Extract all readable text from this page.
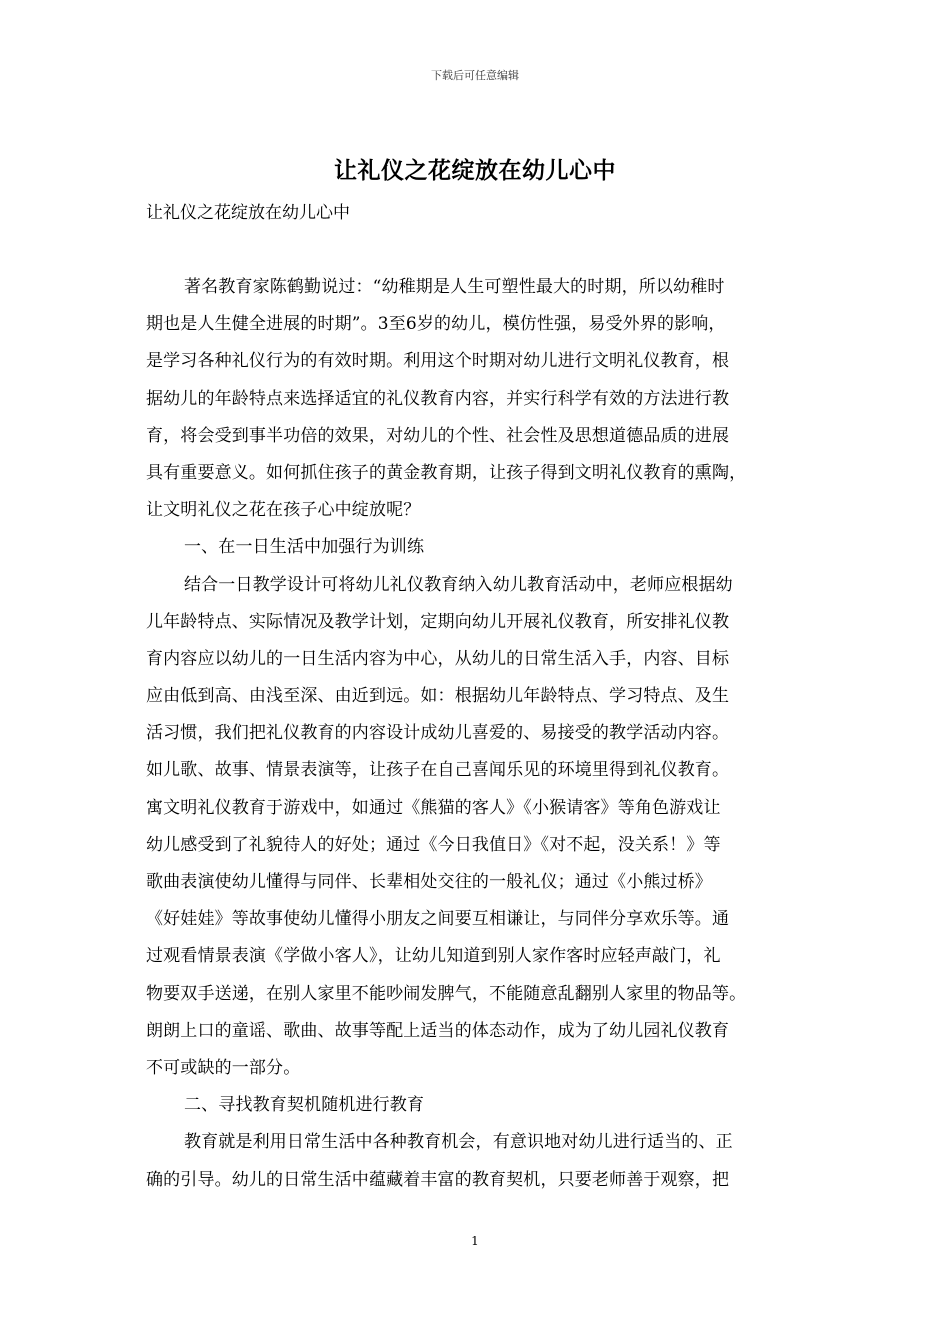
下载后可任意编辑
让礼仪之花绽放在幼儿心中
让礼仪之花绽放在幼儿心中
著名教育家陈鹤勤说过：“幼稚期是人生可塑性最大的时期，所以幼稚时
期也是人生健全进展的时期”。3至6岁的幼儿，模仿性强，易受外界的影响，
是学习各种礼仪行为的有效时期。利用这个时期对幼儿进行文明礼仪教育，根
据幼儿的年龄特点来选择适宜的礼仪教育内容，并实行科学有效的方法进行教
育，将会受到事半功倍的效果，对幼儿的个性、社会性及思想道德品质的进展
具有重要意义。如何抓住孩子的黄金教育期，让孩子得到文明礼仪教育的熏陶，
让文明礼仪之花在孩子心中绽放呢？
一、在一日生活中加强行为训练
结合一日教学设计可将幼儿礼仪教育纳入幼儿教育活动中，老师应根据幼
儿年龄特点、实际情况及教学计划，定期向幼儿开展礼仪教育，所安排礼仪教
育内容应以幼儿的一日生活内容为中心，从幼儿的日常生活入手，内容、目标
应由低到高、由浅至深、由近到远。如：根据幼儿年龄特点、学习特点、及生
活习惯，我们把礼仪教育的内容设计成幼儿喜爱的、易接受的教学活动内容。
如儿歌、故事、情景表演等，让孩子在自己喜闻乐见的环境里得到礼仪教育。
寓文明礼仪教育于游戏中，如通过《熊猫的客人》《小猴请客》等角色游戏让
幼儿感受到了礼貌待人的好处；通过《今日我值日》《对不起，没关系！》等
歌曲表演使幼儿懂得与同伴、长辈相处交往的一般礼仪；通过《小熊过桥》
《好娃娃》等故事使幼儿懂得小朋友之间要互相谦让，与同伴分享欢乐等。通
过观看情景表演《学做小客人》，让幼儿知道到别人家作客时应轻声敲门，礼
物要双手送递，在别人家里不能吵闹发脾气，不能随意乱翻别人家里的物品等。
朗朗上口的童谣、歌曲、故事等配上适当的体态动作，成为了幼儿园礼仪教育
不可或缺的一部分。
二、寻找教育契机随机进行教育
教育就是利用日常生活中各种教育机会，有意识地对幼儿进行适当的、正
确的引导。幼儿的日常生活中蕴藏着丰富的教育契机，只要老师善于观察，把
1
